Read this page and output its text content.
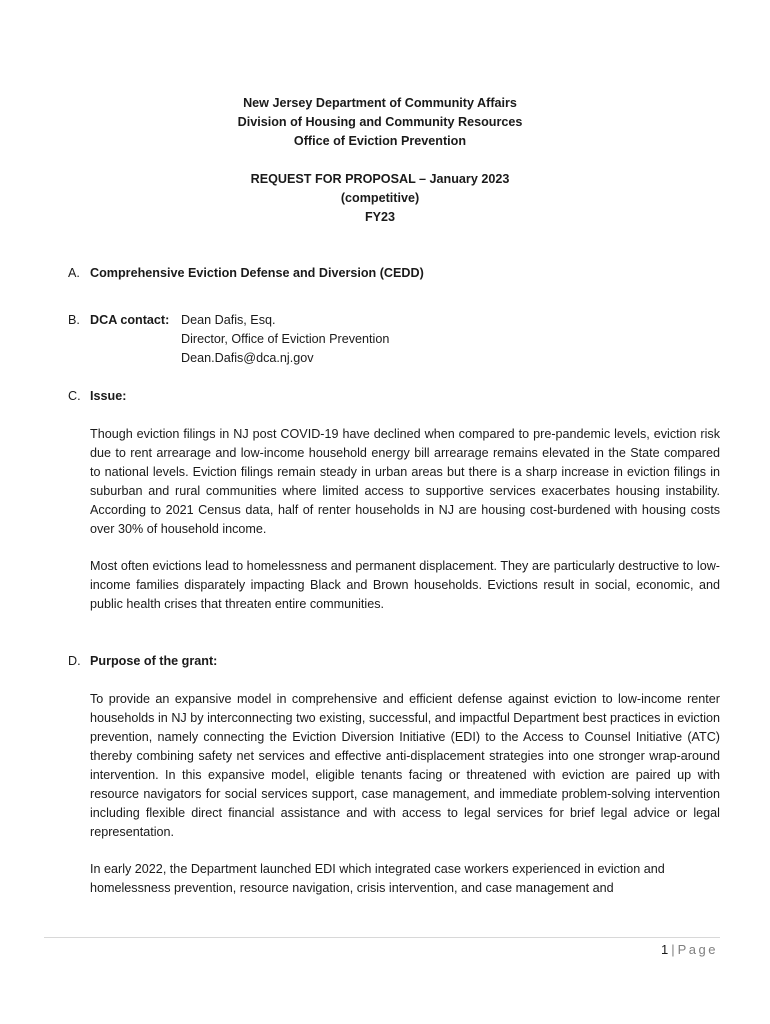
New Jersey Department of Community Affairs
Division of Housing and Community Resources
Office of Eviction Prevention
REQUEST FOR PROPOSAL – January 2023
(competitive)
FY23
A. Comprehensive Eviction Defense and Diversion (CEDD)
B. DCA contact: Dean Dafis, Esq.
Director, Office of Eviction Prevention
Dean.Dafis@dca.nj.gov
C. Issue:

Though eviction filings in NJ post COVID-19 have declined when compared to pre-pandemic levels, eviction risk due to rent arrearage and low-income household energy bill arrearage remains elevated in the State compared to national levels. Eviction filings remain steady in urban areas but there is a sharp increase in eviction filings in suburban and rural communities where limited access to supportive services exacerbates housing instability. According to 2021 Census data, half of renter households in NJ are housing cost-burdened with housing costs over 30% of household income.

Most often evictions lead to homelessness and permanent displacement. They are particularly destructive to low-income families disparately impacting Black and Brown households. Evictions result in social, economic, and public health crises that threaten entire communities.

D. Purpose of the grant:

To provide an expansive model in comprehensive and efficient defense against eviction to low-income renter households in NJ by interconnecting two existing, successful, and impactful Department best practices in eviction prevention, namely connecting the Eviction Diversion Initiative (EDI) to the Access to Counsel Initiative (ATC) thereby combining safety net services and effective anti-displacement strategies into one stronger wrap-around intervention. In this expansive model, eligible tenants facing or threatened with eviction are paired up with resource navigators for social services support, case management, and immediate problem-solving intervention including flexible direct financial assistance and with access to legal services for brief legal advice or legal representation.

In early 2022, the Department launched EDI which integrated case workers experienced in eviction and homelessness prevention, resource navigation, crisis intervention, and case management and

1 | Page
